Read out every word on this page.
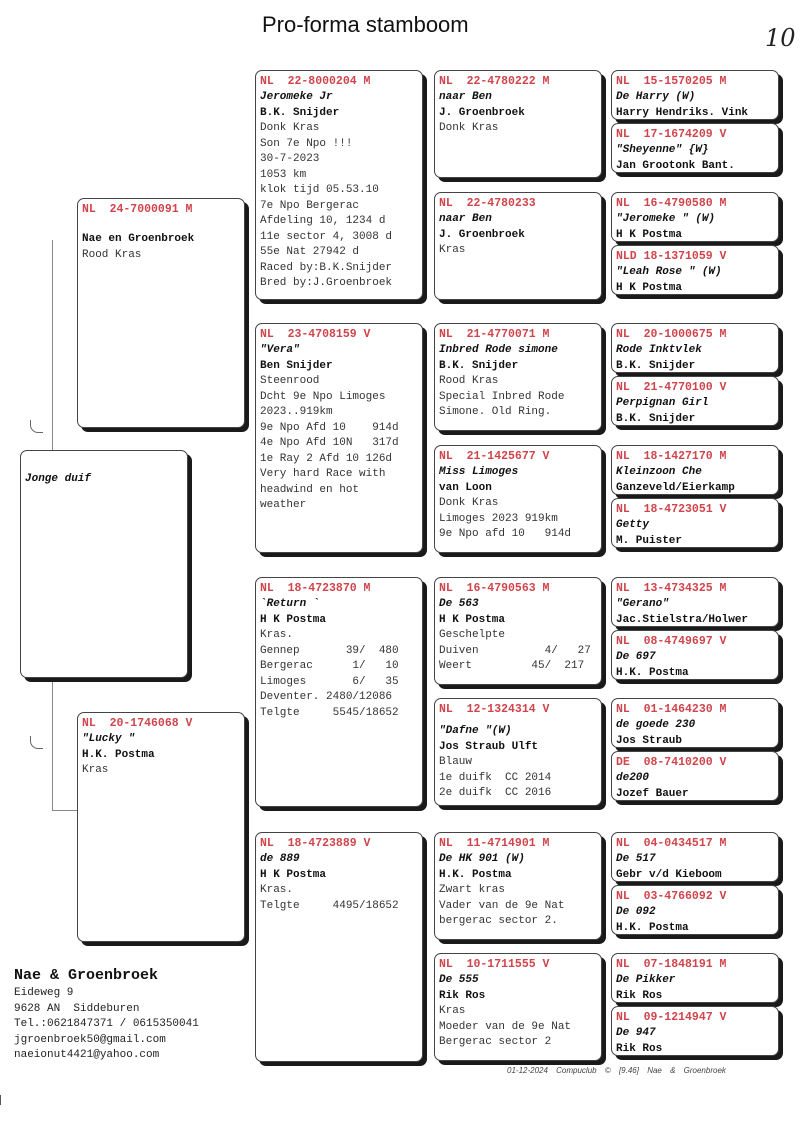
Pro-forma stamboom	10
Jonge duif
NL  24-7000091 M
Nae en Groenbroek
Rood Kras
NL  20-1746068 V
"Lucky "
H.K. Postma
Kras
NL  22-8000204 M
Jeromeke Jr
B.K. Snijder
Donk Kras
Son 7e Npo !!!
30-7-2023
1053 km
klok tijd 05.53.10
7e Npo Bergerac
Afdeling 10, 1234 d
11e sector 4, 3008 d
55e Nat 27942 d
Raced by:B.K.Snijder
Bred by:J.Groenbroek
NL  23-4708159 V
"Vera"
Ben Snijder
Steenrood
Dcht 9e Npo Limoges
2023..919km
9e Npo Afd 10    914d
4e Npo Afd 10N   317d
1e Ray 2 Afd 10 126d
Very hard Race with
headwind en hot
weather
NL  18-4723870 M
`Return `
H K Postma
Kras.
Gennep       39/  480
Bergerac      1/   10
Limoges       6/   35
Deventer. 2480/12086
Telgte     5545/18652
NL  18-4723889 V
de 889
H K Postma
Kras.
Telgte     4495/18652
NL  22-4780222 M
naar Ben
J. Groenbroek
Donk Kras
NL  22-4780233
naar Ben
J. Groenbroek
Kras
NL  21-4770071 M
Inbred Rode simone
B.K. Snijder
Rood Kras
Special Inbred Rode
Simone. Old Ring.
NL  21-1425677 V
Miss Limoges
van Loon
Donk Kras
Limoges 2023 919km
9e Npo afd 10   914d
NL  16-4790563 M
De 563
H K Postma
Geschelpte
Duiven          4/   27
Weert         45/  217
NL  12-1324314 V
"Dafne "(W)
Jos Straub Ulft
Blauw
1e duifk  CC 2014
2e duifk  CC 2016
NL  11-4714901 M
De HK 901 (W)
H.K. Postma
Zwart kras
Vader van de 9e Nat
bergerac sector 2.
NL  10-1711555 V
De 555
Rik Ros
Kras
Moeder van de 9e Nat
Bergerac sector 2
NL  15-1570205 M
De Harry (W)
Harry Hendriks. Vink
NL  17-1674209 V
"Sheyenne" {W}
Jan Grootonk Bant.
NL  16-4790580 M
"Jeromeke " (W)
H K Postma
NLD 18-1371059 V
"Leah Rose " (W)
H K Postma
NL  20-1000675 M
Rode Inktvlek
B.K. Snijder
NL  21-4770100 V
Perpignan Girl
B.K. Snijder
NL  18-1427170 M
Kleinzoon Che
Ganzeveld/Eierkamp
NL  18-4723051 V
Getty
M. Puister
NL  13-4734325 M
"Gerano"
Jac.Stielstra/Holwer
NL  08-4749697 V
De 697
H.K. Postma
NL  01-1464230 M
de goede 230
Jos Straub
DE  08-7410200 V
de200
Jozef Bauer
NL  04-0434517 M
De 517
Gebr v/d Kieboom
NL  03-4766092 V
De 092
H.K. Postma
NL  07-1848191 M
De Pikker
Rik Ros
NL  09-1214947 V
De 947
Rik Ros
Nae & Groenbroek
Eideweg 9
9628 AN  Siddeburen
Tel.:0621847371 / 0615350041
jgroenbroek50@gmail.com
naeionut4421@yahoo.com
01-12-2024 Compuclub © [9.46] Nae & Groenbroek
